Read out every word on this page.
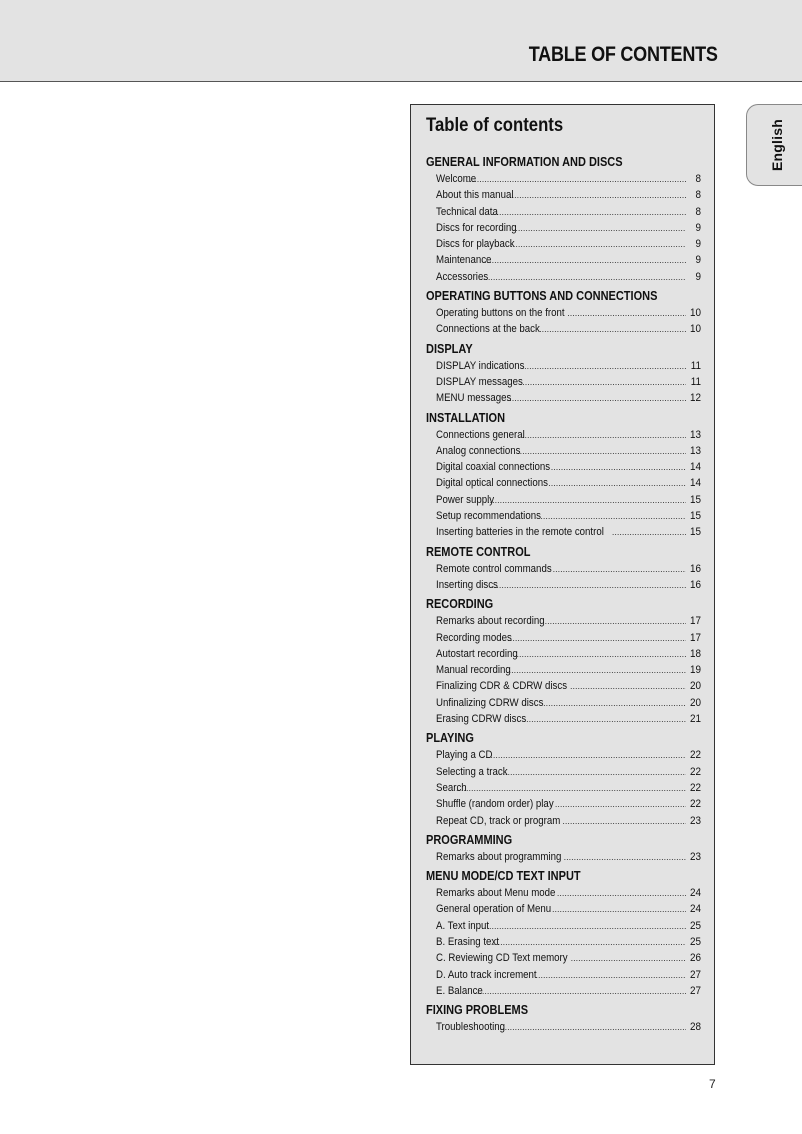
TABLE OF CONTENTS
English
Table of contents
GENERAL INFORMATION AND DISCS
Welcome .....	8
About this manual .....	8
Technical data .....	8
Discs for recording .....	9
Discs for playback .....	9
Maintenance .....	9
Accessories .....	9
OPERATING BUTTONS AND CONNECTIONS
Operating buttons on the front .....	10
Connections at the back .....	10
DISPLAY
DISPLAY indications .....	11
DISPLAY messages .....	11
MENU messages .....	12
INSTALLATION
Connections general .....	13
Analog connections .....	13
Digital coaxial connections .....	14
Digital optical connections .....	14
Power supply .....	15
Setup recommendations .....	15
Inserting batteries in the remote control .....	15
REMOTE CONTROL
Remote control commands .....	16
Inserting discs .....	16
RECORDING
Remarks about recording .....	17
Recording modes .....	17
Autostart recording .....	18
Manual recording .....	19
Finalizing CDR & CDRW discs .....	20
Unfinalizing CDRW discs .....	20
Erasing CDRW discs .....	21
PLAYING
Playing a CD .....	22
Selecting a track .....	22
Search .....	22
Shuffle (random order) play .....	22
Repeat CD, track or program .....	23
PROGRAMMING
Remarks about programming .....	23
MENU MODE/CD TEXT INPUT
Remarks about Menu mode .....	24
General operation of Menu .....	24
A. Text input .....	25
B. Erasing text .....	25
C. Reviewing CD Text memory .....	26
D. Auto track increment .....	27
E. Balance .....	27
FIXING PROBLEMS
Troubleshooting .....	28
7
